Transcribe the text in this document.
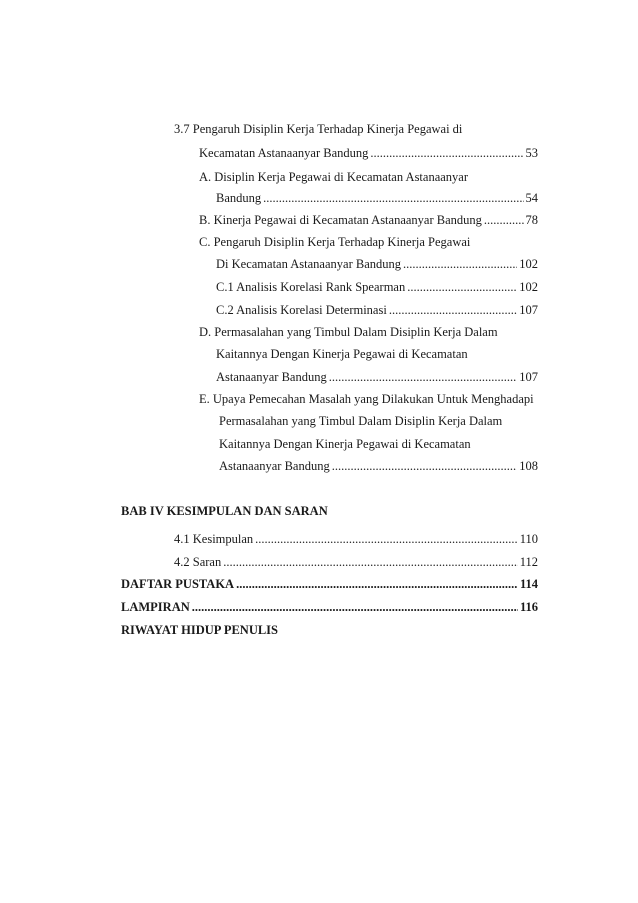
3.7 Pengaruh Disiplin Kerja Terhadap Kinerja Pegawai di
Kecamatan Astanaanyar Bandung .....	53
A. Disiplin Kerja Pegawai di Kecamatan Astanaanyar
Bandung .....	54
B. Kinerja Pegawai di Kecamatan Astanaanyar Bandung .....	78
C. Pengaruh Disiplin Kerja Terhadap Kinerja Pegawai
Di Kecamatan Astanaanyar Bandung .....	102
C.1 Analisis Korelasi Rank Spearman .....	102
C.2 Analisis Korelasi Determinasi .....	107
D. Permasalahan yang Timbul Dalam Disiplin Kerja Dalam
Kaitannya Dengan Kinerja Pegawai di Kecamatan
Astanaanyar Bandung .....	107
E. Upaya Pemecahan Masalah yang Dilakukan Untuk Menghadapi
Permasalahan yang Timbul Dalam Disiplin Kerja Dalam
Kaitannya Dengan Kinerja Pegawai di Kecamatan
Astanaanyar Bandung .....	108
BAB IV KESIMPULAN DAN SARAN
4.1 Kesimpulan .....	110
4.2 Saran .....	112
DAFTAR PUSTAKA .....	114
LAMPIRAN .....	116
RIWAYAT HIDUP PENULIS
